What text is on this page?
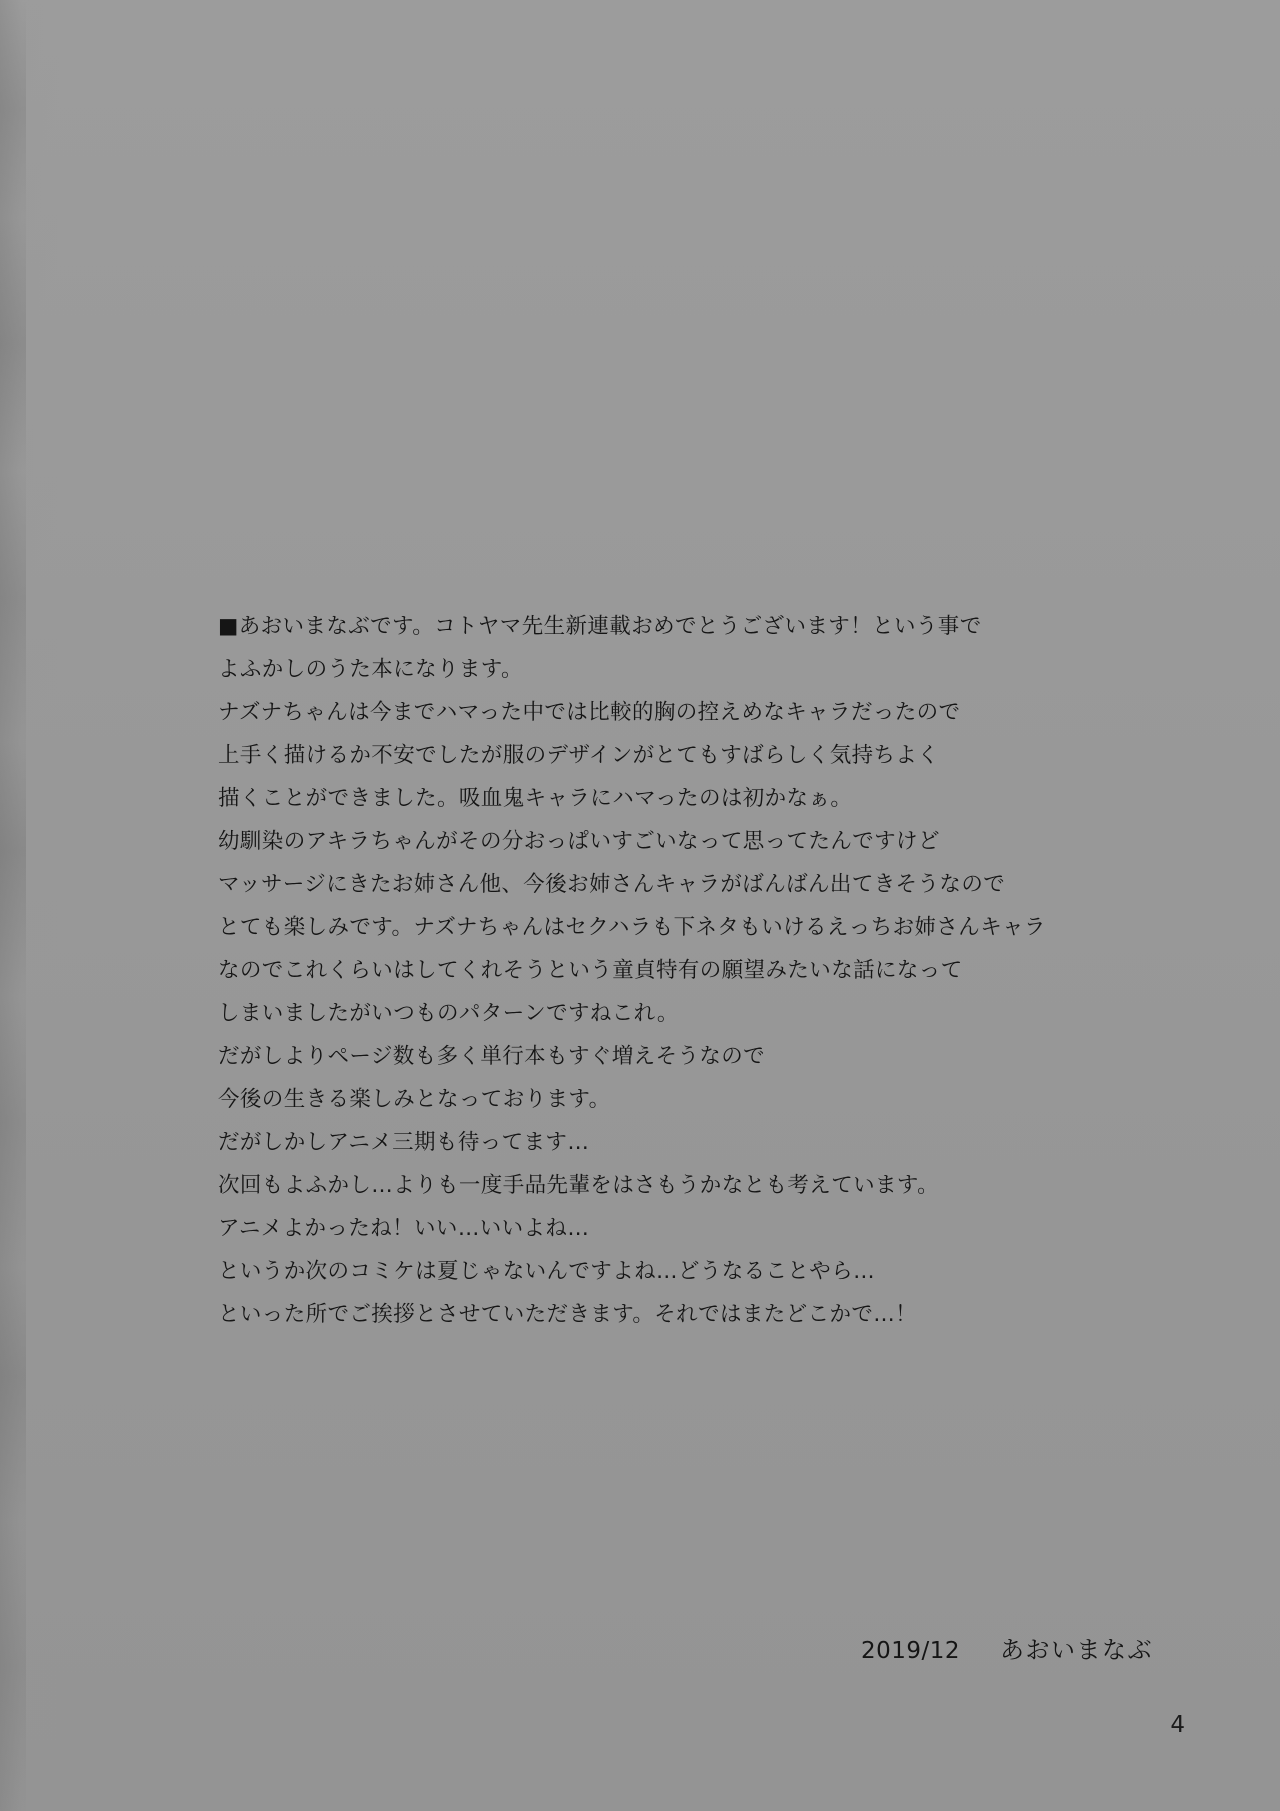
■あおいまなぶです。コトヤマ先生新連載おめでとうございます！という事で
よふかしのうた本になります。
ナズナちゃんは今までハマった中では比較的胸の控えめなキャラだったので
上手く描けるか不安でしたが服のデザインがとてもすばらしく気持ちよく
描くことができました。吸血鬼キャラにハマったのは初かなぁ。
幼馴染のアキラちゃんがその分おっぱいすごいなって思ってたんですけど
マッサージにきたお姉さん他、今後お姉さんキャラがばんばん出てきそうなので
とても楽しみです。ナズナちゃんはセクハラも下ネタもいけるえっちお姉さんキャラ
なのでこれくらいはしてくれそうという童貞特有の願望みたいな話になって
しまいましたがいつものパターンですねこれ。
だがしよりページ数も多く単行本もすぐ増えそうなので
今後の生きる楽しみとなっております。
だがしかしアニメ三期も待ってます…
次回もよふかし…よりも一度手品先輩をはさもうかなとも考えています。
アニメよかったね！いい…いいよね…
というか次のコミケは夏じゃないんですよね…どうなることやら…
といった所でご挨拶とさせていただきます。それではまたどこかで…！
2019/12 あおいまなぶ
4
